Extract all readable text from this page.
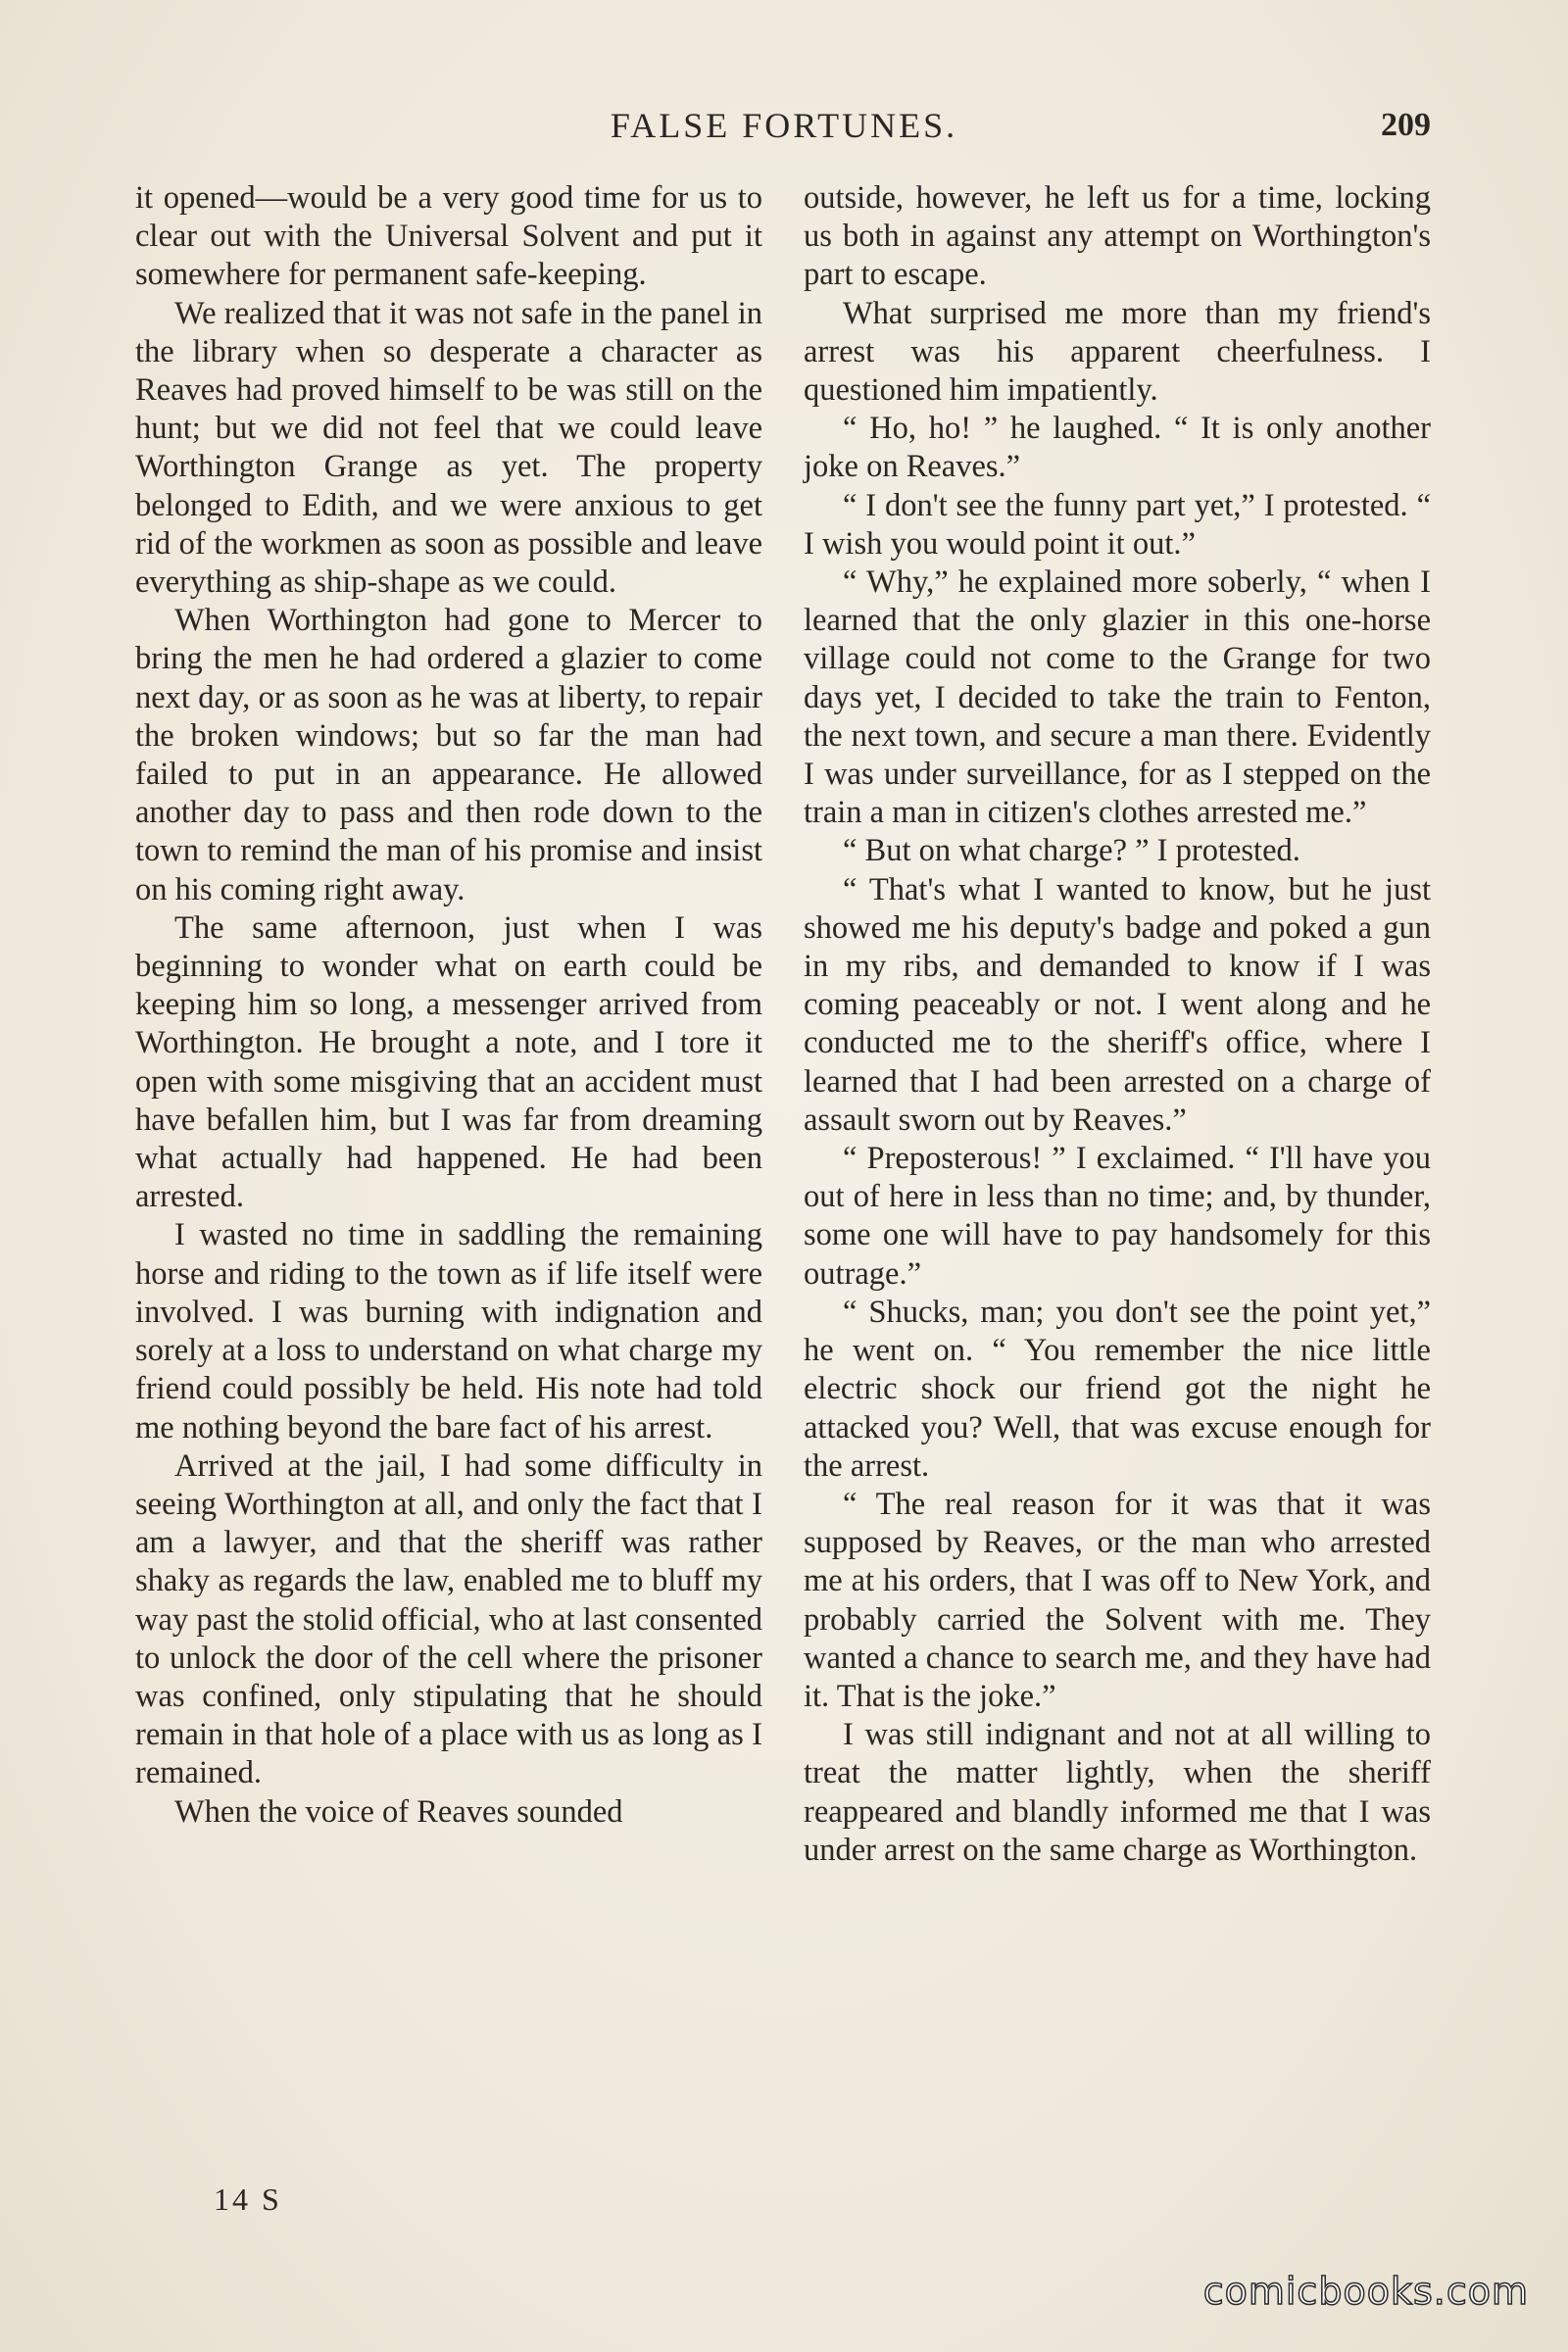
FALSE FORTUNES.	209

it opened—would be a very good time for us to clear out with the Universal Solvent and put it somewhere for permanent safe-keeping.

We realized that it was not safe in the panel in the library when so desperate a character as Reaves had proved himself to be was still on the hunt; but we did not feel that we could leave Worthington Grange as yet. The property belonged to Edith, and we were anxious to get rid of the workmen as soon as possible and leave everything as ship-shape as we could.

When Worthington had gone to Mercer to bring the men he had ordered a glazier to come next day, or as soon as he was at liberty, to repair the broken windows; but so far the man had failed to put in an appearance. He allowed another day to pass and then rode down to the town to remind the man of his promise and insist on his coming right away.

The same afternoon, just when I was beginning to wonder what on earth could be keeping him so long, a messenger arrived from Worthington. He brought a note, and I tore it open with some misgiving that an accident must have befallen him, but I was far from dreaming what actually had happened. He had been arrested.

I wasted no time in saddling the remaining horse and riding to the town as if life itself were involved. I was burning with indignation and sorely at a loss to understand on what charge my friend could possibly be held. His note had told me nothing beyond the bare fact of his arrest.

Arrived at the jail, I had some difficulty in seeing Worthington at all, and only the fact that I am a lawyer, and that the sheriff was rather shaky as regards the law, enabled me to bluff my way past the stolid official, who at last consented to unlock the door of the cell where the prisoner was confined, only stipulating that he should remain in that hole of a place with us as long as I remained.

When the voice of Reaves sounded

outside, however, he left us for a time, locking us both in against any attempt on Worthington's part to escape.

What surprised me more than my friend's arrest was his apparent cheerfulness. I questioned him impatiently.

“ Ho, ho! ” he laughed. “ It is only another joke on Reaves.”

“ I don't see the funny part yet,” I protested. “ I wish you would point it out.”

“ Why,” he explained more soberly, “ when I learned that the only glazier in this one-horse village could not come to the Grange for two days yet, I decided to take the train to Fenton, the next town, and secure a man there. Evidently I was under surveillance, for as I stepped on the train a man in citizen's clothes arrested me.”

“ But on what charge? ” I protested.

“ That's what I wanted to know, but he just showed me his deputy's badge and poked a gun in my ribs, and demanded to know if I was coming peaceably or not. I went along and he conducted me to the sheriff's office, where I learned that I had been arrested on a charge of assault sworn out by Reaves.”

“ Preposterous! ” I exclaimed. “ I'll have you out of here in less than no time; and, by thunder, some one will have to pay handsomely for this outrage.”

“ Shucks, man; you don't see the point yet,” he went on. “ You remember the nice little electric shock our friend got the night he attacked you? Well, that was excuse enough for the arrest.

“ The real reason for it was that it was supposed by Reaves, or the man who arrested me at his orders, that I was off to New York, and probably carried the Solvent with me. They wanted a chance to search me, and they have had it. That is the joke.”

I was still indignant and not at all willing to treat the matter lightly, when the sheriff reappeared and blandly informed me that I was under arrest on the same charge as Worthington.

14 S
comicbooks.com
